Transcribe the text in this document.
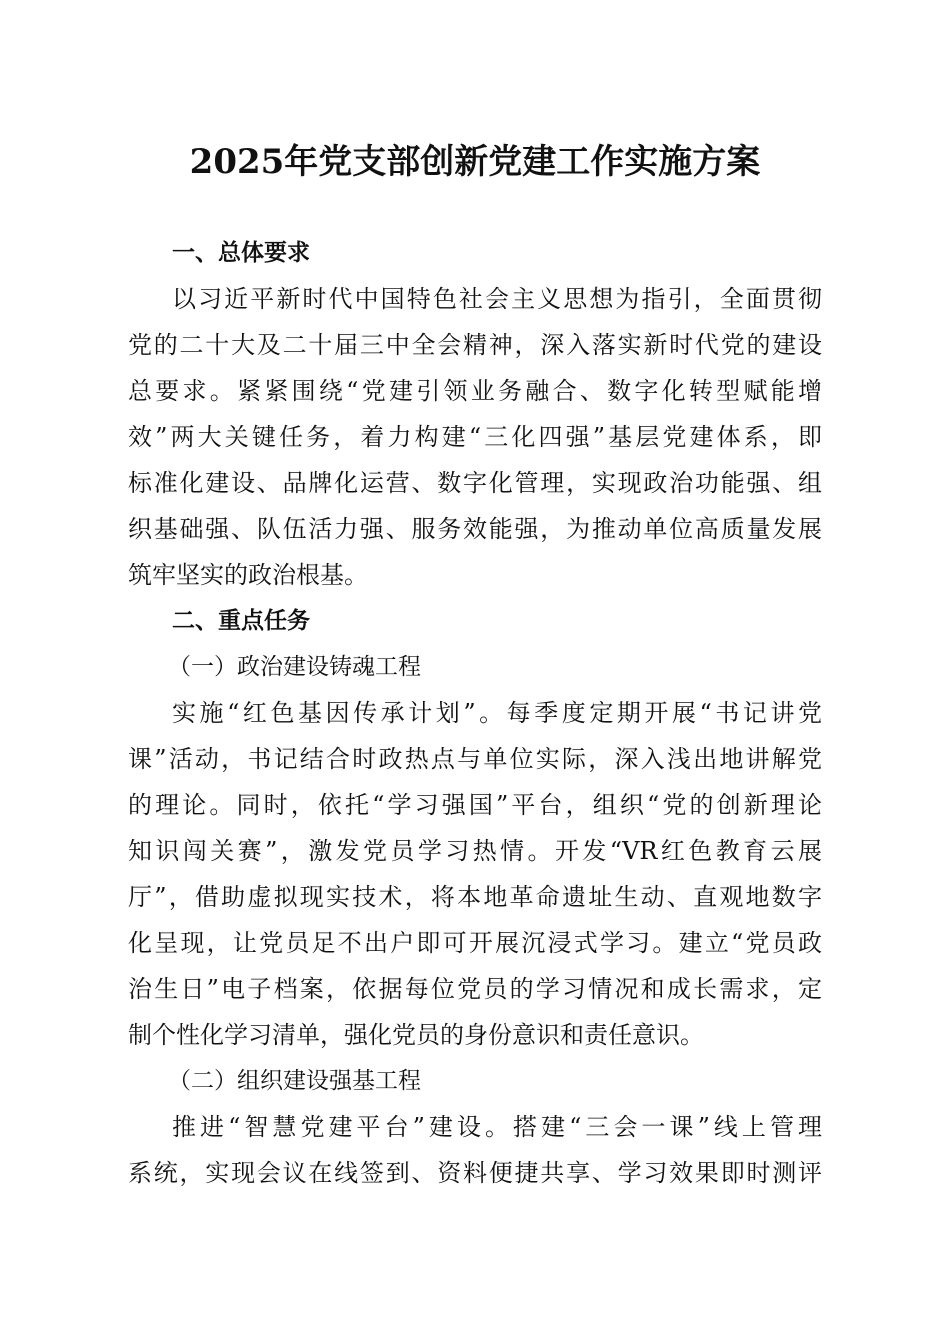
2025年党支部创新党建工作实施方案
一、总体要求
以习近平新时代中国特色社会主义思想为指引，全面贯彻
党的二十大及二十届三中全会精神，深入落实新时代党的建设
总要求。紧紧围绕“党建引领业务融合、数字化转型赋能增
效”两大关键任务，着力构建“三化四强”基层党建体系，即
标准化建设、品牌化运营、数字化管理，实现政治功能强、组
织基础强、队伍活力强、服务效能强，为推动单位高质量发展
筑牢坚实的政治根基。
二、重点任务
（一）政治建设铸魂工程
实施“红色基因传承计划”。每季度定期开展“书记讲党
课”活动，书记结合时政热点与单位实际，深入浅出地讲解党
的理论。同时，依托“学习强国”平台，组织“党的创新理论
知识闯关赛”，激发党员学习热情。开发“VR红色教育云展
厅”，借助虚拟现实技术，将本地革命遗址生动、直观地数字
化呈现，让党员足不出户即可开展沉浸式学习。建立“党员政
治生日”电子档案，依据每位党员的学习情况和成长需求，定
制个性化学习清单，强化党员的身份意识和责任意识。
（二）组织建设强基工程
推进“智慧党建平台”建设。搭建“三会一课”线上管理
系统，实现会议在线签到、资料便捷共享、学习效果即时测评
